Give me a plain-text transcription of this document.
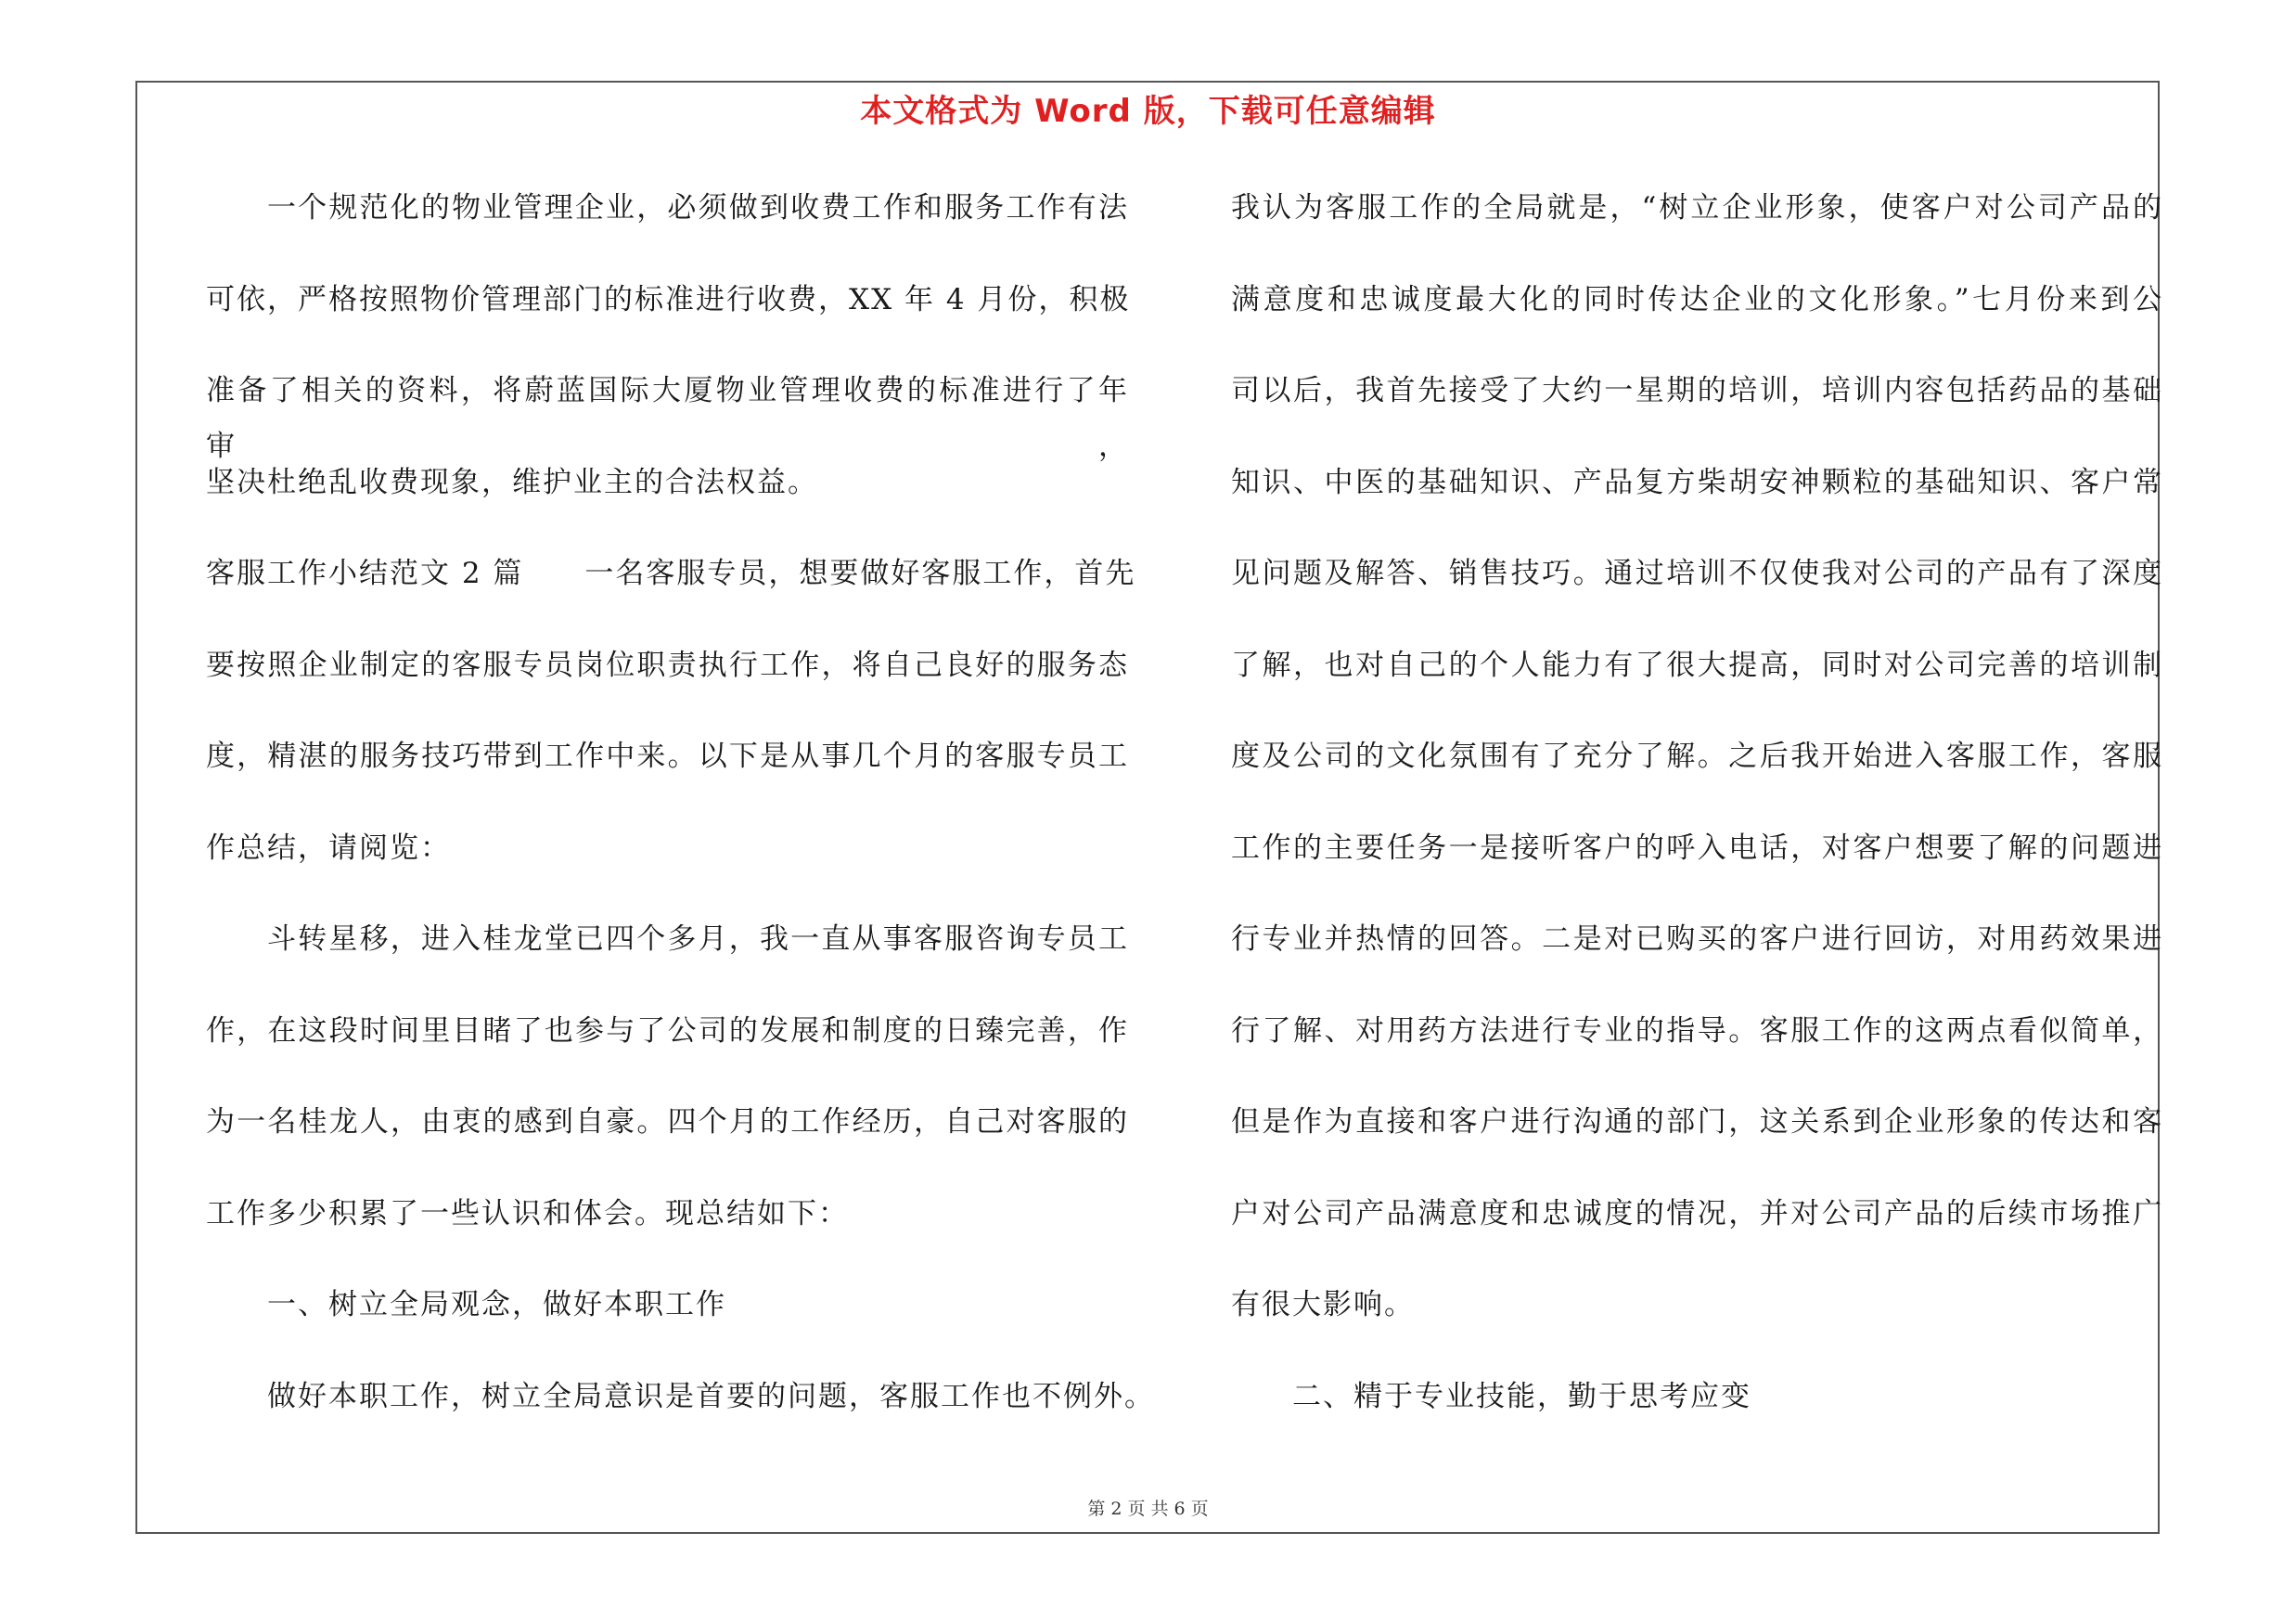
本文格式为 Word 版，下载可任意编辑
一个规范化的物业管理企业，必须做到收费工作和服务工作有法
可依，严格按照物价管理部门的标准进行收费，XX 年 4 月份，积极
准备了相关的资料，将蔚蓝国际大厦物业管理收费的标准进行了年审，
坚决杜绝乱收费现象，维护业主的合法权益。
客服工作小结范文 2 篇　　一名客服专员，想要做好客服工作，首先
要按照企业制定的客服专员岗位职责执行工作，将自己良好的服务态
度，精湛的服务技巧带到工作中来。以下是从事几个月的客服专员工
作总结，请阅览：
斗转星移，进入桂龙堂已四个多月，我一直从事客服咨询专员工
作，在这段时间里目睹了也参与了公司的发展和制度的日臻完善，作
为一名桂龙人，由衷的感到自豪。四个月的工作经历，自己对客服的
工作多少积累了一些认识和体会。现总结如下：
一、树立全局观念，做好本职工作
做好本职工作，树立全局意识是首要的问题，客服工作也不例外。
我认为客服工作的全局就是，“树立企业形象，使客户对公司产品的
满意度和忠诚度最大化的同时传达企业的文化形象。”七月份来到公
司以后，我首先接受了大约一星期的培训，培训内容包括药品的基础
知识、中医的基础知识、产品复方柴胡安神颗粒的基础知识、客户常
见问题及解答、销售技巧。通过培训不仅使我对公司的产品有了深度
了解，也对自己的个人能力有了很大提高，同时对公司完善的培训制
度及公司的文化氛围有了充分了解。之后我开始进入客服工作，客服
工作的主要任务一是接听客户的呼入电话，对客户想要了解的问题进
行专业并热情的回答。二是对已购买的客户进行回访，对用药效果进
行了解、对用药方法进行专业的指导。客服工作的这两点看似简单，
但是作为直接和客户进行沟通的部门，这关系到企业形象的传达和客
户对公司产品满意度和忠诚度的情况，并对公司产品的后续市场推广
有很大影响。
二、精于专业技能，勤于思考应变
第 2 页 共 6 页
